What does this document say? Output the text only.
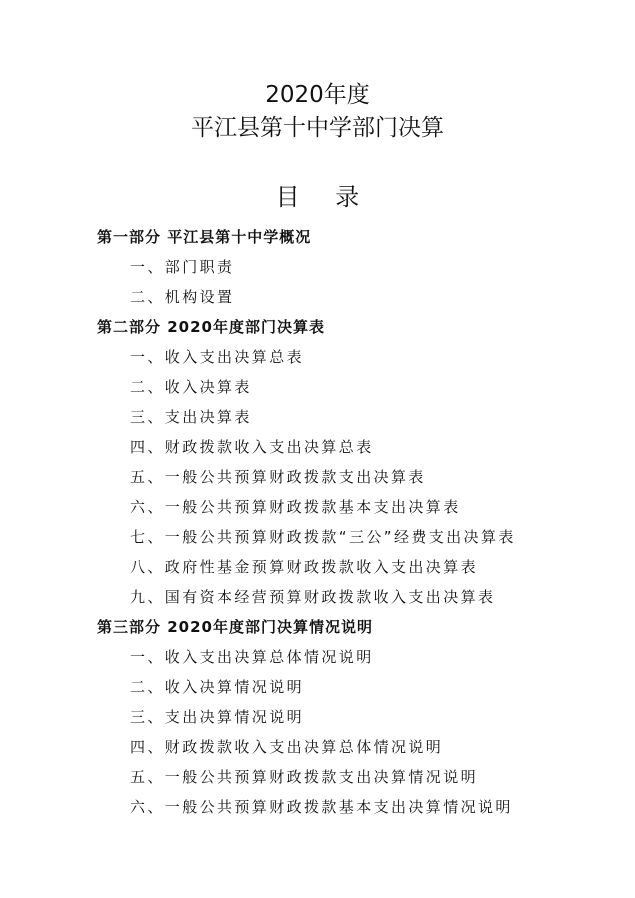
2020年度
平江县第十中学部门决算
目 录
第一部分 平江县第十中学概况
一、部门职责
二、机构设置
第二部分 2020年度部门决算表
一、收入支出决算总表
二、收入决算表
三、支出决算表
四、财政拨款收入支出决算总表
五、一般公共预算财政拨款支出决算表
六、一般公共预算财政拨款基本支出决算表
七、一般公共预算财政拨款“三公”经费支出决算表
八、政府性基金预算财政拨款收入支出决算表
九、国有资本经营预算财政拨款收入支出决算表
第三部分 2020年度部门决算情况说明
一、收入支出决算总体情况说明
二、收入决算情况说明
三、支出决算情况说明
四、财政拨款收入支出决算总体情况说明
五、一般公共预算财政拨款支出决算情况说明
六、一般公共预算财政拨款基本支出决算情况说明
